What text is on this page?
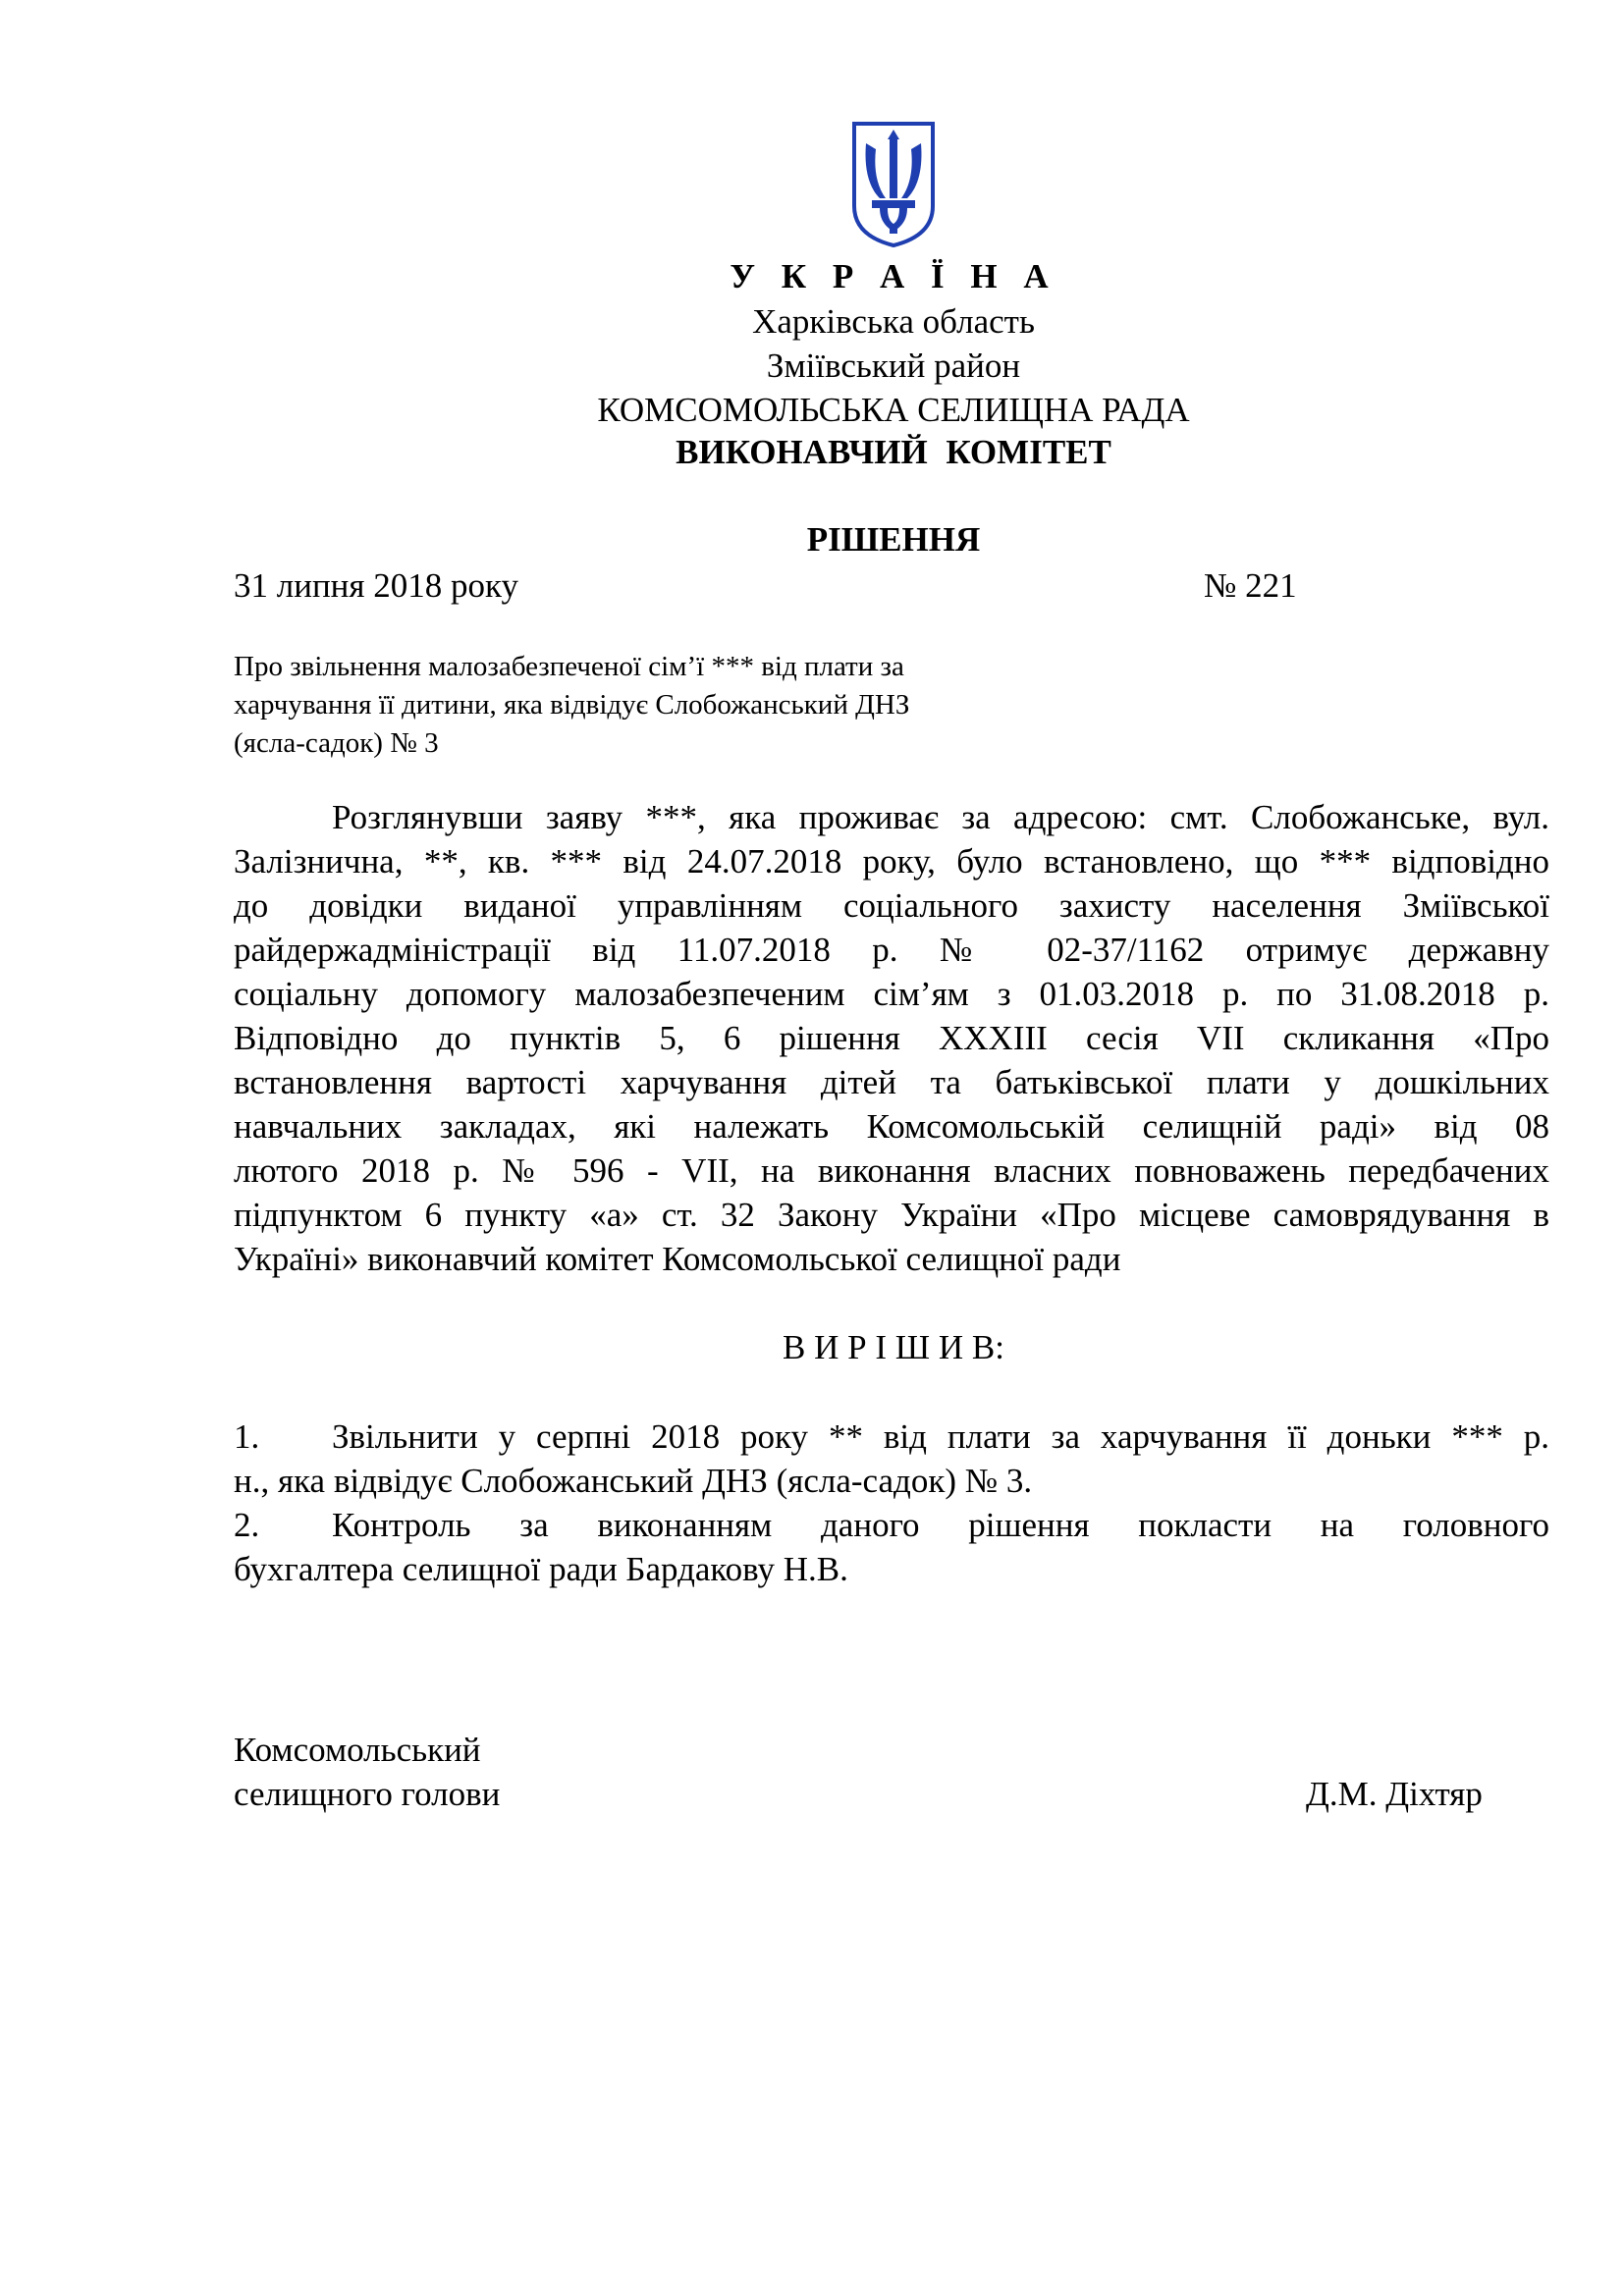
У К Р А Ї Н А
Харківська область
Зміївський район
КОМСОМОЛЬСЬКА СЕЛИЩНА РАДА
ВИКОНАВЧИЙ КОМІТЕТ
РІШЕННЯ
31 липня 2018 року	№ 221
Про звільнення малозабезпеченої сім’ї *** від плати за
харчування її дитини, яка відвідує Слобожанський ДНЗ
(ясла-садок) № 3
Розглянувши заяву ***, яка проживає за адресою: смт. Слобожанське, вул.
Залізнична, **, кв. *** від 24.07.2018 року, було встановлено, що *** відповідно
до довідки виданої управлінням соціального захисту населення Зміївської
райдержадміністрації від 11.07.2018 р. № 02-37/1162 отримує державну
соціальну допомогу малозабезпеченим сім’ям з 01.03.2018 р. по 31.08.2018 р.
Відповідно до пунктів 5, 6 рішення XXXIII сесія VII скликання «Про
встановлення вартості харчування дітей та батьківської плати у дошкільних
навчальних закладах, які належать Комсомольській селищній раді» від 08
лютого 2018 р. № 596 - VII, на виконання власних повноважень передбачених
підпунктом 6 пункту «а» ст. 32 Закону України «Про місцеве самоврядування в
Україні» виконавчий комітет Комсомольської селищної ради
В И Р І Ш И В:
1.	Звільнити у серпні 2018 року ** від плати за харчування її доньки *** р.
н., яка відвідує Слобожанський ДНЗ (ясла-садок) № 3.
2.	Контроль за виконанням даного рішення покласти на головного
бухгалтера селищної ради Бардакову Н.В.
Комсомольський
селищного голови	Д.М. Діхтяр
